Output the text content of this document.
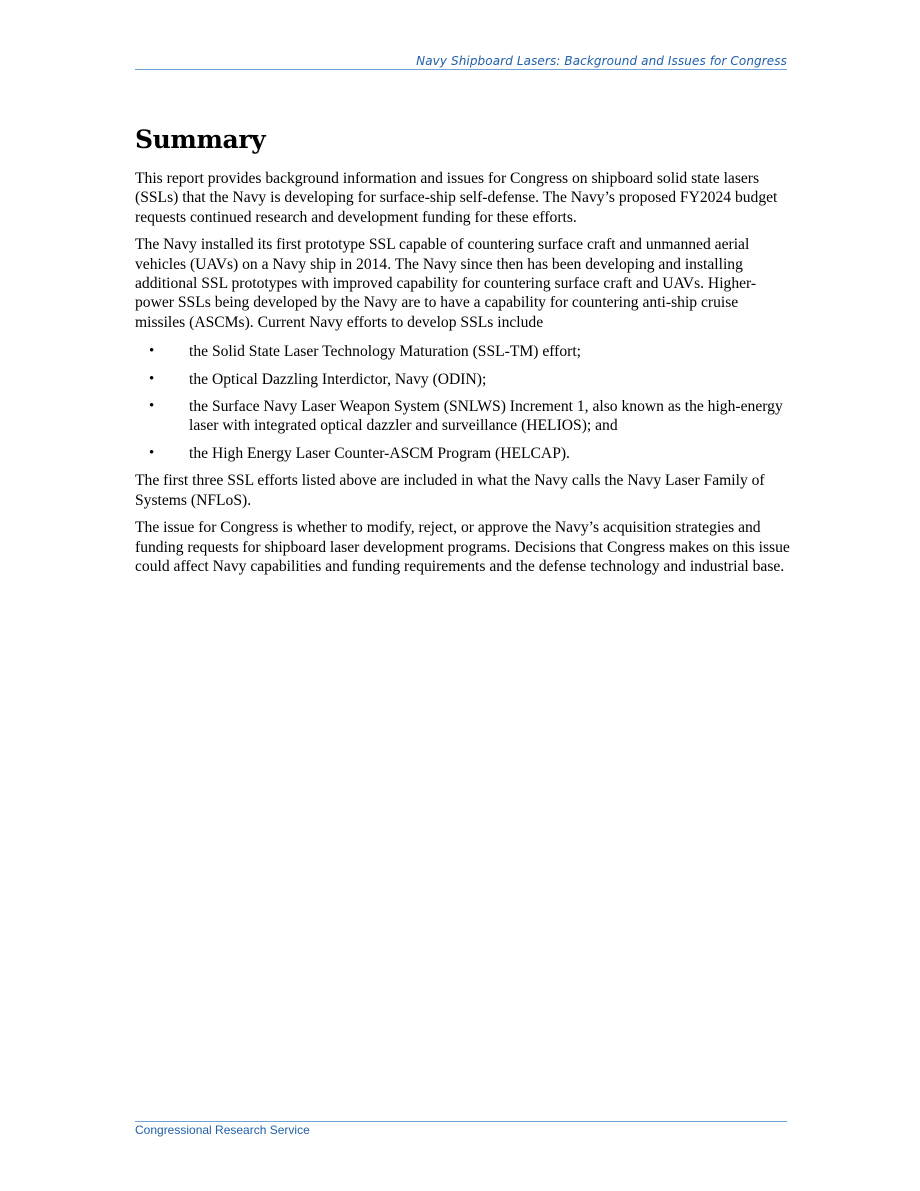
Navy Shipboard Lasers: Background and Issues for Congress
Summary

This report provides background information and issues for Congress on shipboard solid state lasers (SSLs) that the Navy is developing for surface-ship self-defense. The Navy’s proposed FY2024 budget requests continued research and development funding for these efforts.

The Navy installed its first prototype SSL capable of countering surface craft and unmanned aerial vehicles (UAVs) on a Navy ship in 2014. The Navy since then has been developing and installing additional SSL prototypes with improved capability for countering surface craft and UAVs. Higher-power SSLs being developed by the Navy are to have a capability for countering anti-ship cruise missiles (ASCMs). Current Navy efforts to develop SSLs include

• the Solid State Laser Technology Maturation (SSL-TM) effort;
• the Optical Dazzling Interdictor, Navy (ODIN);
• the Surface Navy Laser Weapon System (SNLWS) Increment 1, also known as the high-energy laser with integrated optical dazzler and surveillance (HELIOS); and
• the High Energy Laser Counter-ASCM Program (HELCAP).

The first three SSL efforts listed above are included in what the Navy calls the Navy Laser Family of Systems (NFLoS).

The issue for Congress is whether to modify, reject, or approve the Navy’s acquisition strategies and funding requests for shipboard laser development programs. Decisions that Congress makes on this issue could affect Navy capabilities and funding requirements and the defense technology and industrial base.

Congressional Research Service
